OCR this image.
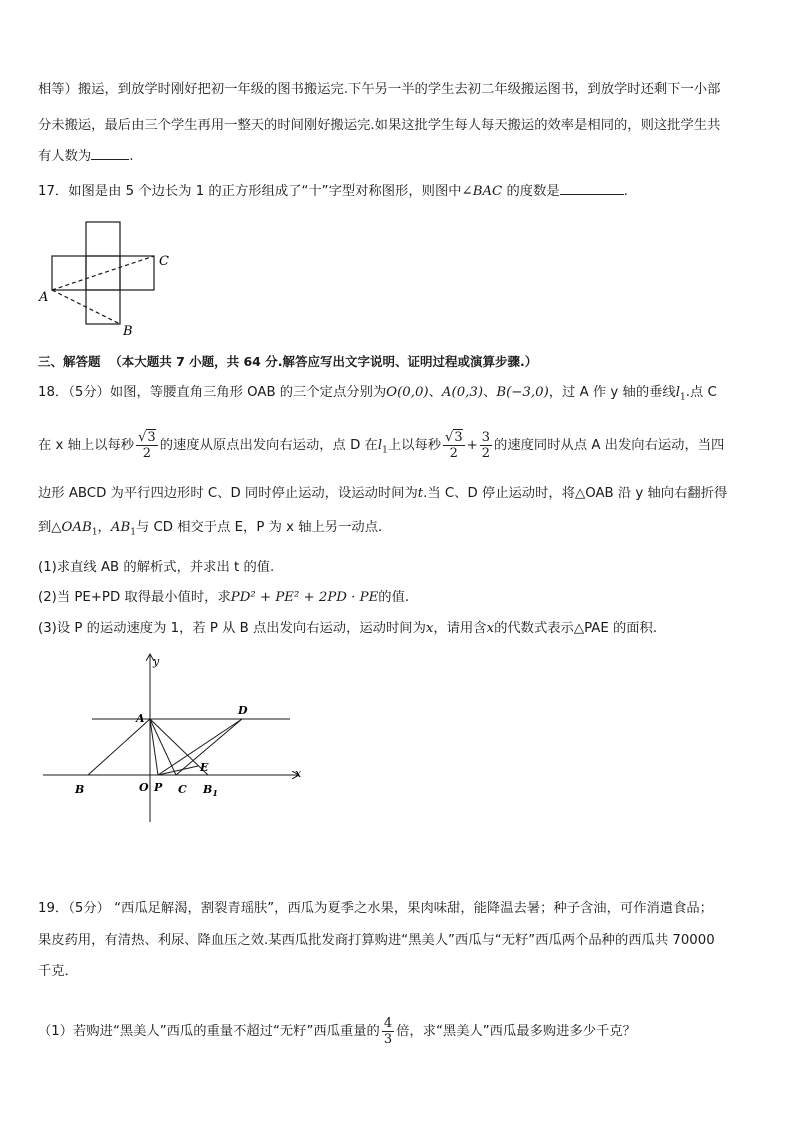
相等）搬运，到放学时刚好把初一年级的图书搬运完.下午另一半的学生去初二年级搬运图书，到放学时还剩下一小部
分未搬运，最后由三个学生再用一整天的时间刚好搬运完.如果这批学生每人每天搬运的效率是相同的，则这批学生共
有人数为	.
17．如图是由 5 个边长为 1 的正方形组成了“十”字型对称图形，则图中∠BAC 的度数是	.
A
B
C
三、解答题 （本大题共 7 小题，共 64 分.解答应写出文字说明、证明过程或演算步骤.）
18．（5分）如图，等腰直角三角形 OAB 的三个定点分别为O(0,0)、A(0,3)、B(−3,0)，过 A 作 y 轴的垂线$l_1$.点 C
在 x 轴上以每秒 $\frac{√3}{2}$ 的速度从原点出发向右运动，点 D 在$l_1$上以每秒 $\frac{√3}{2} + \frac{3}{2}$ 的速度同时从点 A 出发向右运动，当四
边形 ABCD 为平行四边形时 C、D 同时停止运动，设运动时间为t.当 C、D 停止运动时，将△OAB 沿 y 轴向右翻折得
到$\triangle OAB_1$，$AB_1$与 CD 相交于点 E，P 为 x 轴上另一动点.
(1)求直线 AB 的解析式，并求出 t 的值.
(2)当 PE+PD 取得最小值时，求PD² + PE² + 2PD · PE的值.
(3)设 P 的运动速度为 1，若 P 从 B 点出发向右运动，运动时间为x，请用含x的代数式表示△PAE 的面积.
y
x
A
D
E
B	O P C $B_1$
19．（5分） “西瓜足解渴，割裂青瑶肤”，西瓜为夏季之水果，果肉味甜，能降温去暑；种子含油，可作消遣食品；
果皮药用，有清热、利尿、降血压之效.某西瓜批发商打算购进“黑美人”西瓜与“无籽”西瓜两个品种的西瓜共 70000
千克．
（1）若购进“黑美人”西瓜的重量不超过“无籽”西瓜重量的 $\frac{4}{3}$ 倍，求“黑美人”西瓜最多购进多少千克？
